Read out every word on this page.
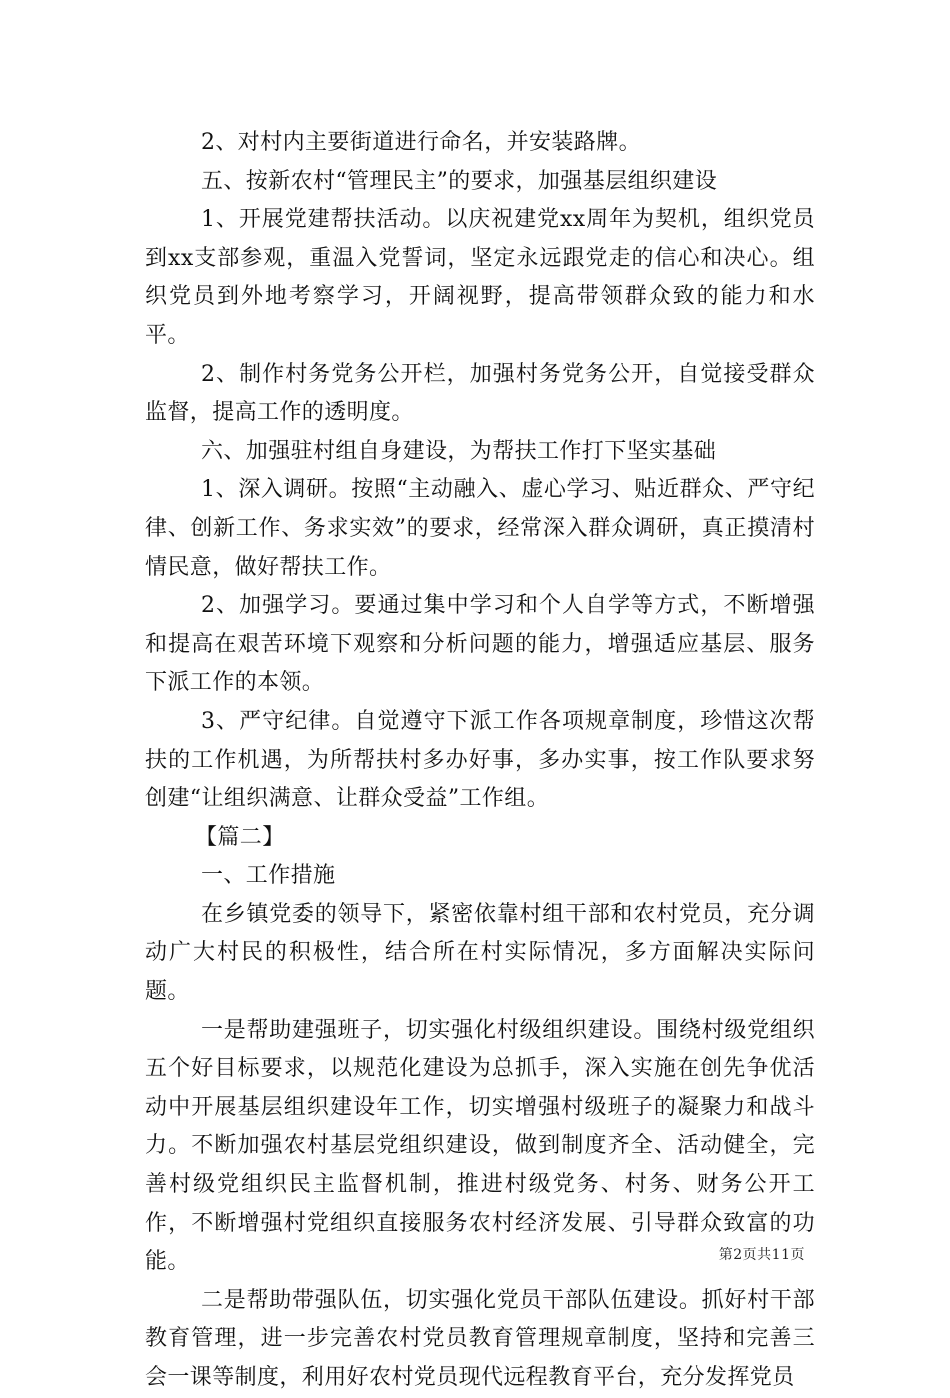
2、对村内主要街道进行命名，并安装路牌。

五、按新农村“管理民主”的要求，加强基层组织建设

1、开展党建帮扶活动。以庆祝建党xx周年为契机，组织党员到xx支部参观，重温入党誓词，坚定永远跟党走的信心和决心。组织党员到外地考察学习，开阔视野，提高带领群众致的能力和水平。

2、制作村务党务公开栏，加强村务党务公开，自觉接受群众监督，提高工作的透明度。

六、加强驻村组自身建设，为帮扶工作打下坚实基础

1、深入调研。按照“主动融入、虚心学习、贴近群众、严守纪律、创新工作、务求实效”的要求，经常深入群众调研，真正摸清村情民意，做好帮扶工作。

2、加强学习。要通过集中学习和个人自学等方式，不断增强和提高在艰苦环境下观察和分析问题的能力，增强适应基层、服务下派工作的本领。

3、严守纪律。自觉遵守下派工作各项规章制度，珍惜这次帮扶的工作机遇，为所帮扶村多办好事，多办实事，按工作队要求努创建“让组织满意、让群众受益”工作组。

【篇二】

一、工作措施

在乡镇党委的领导下，紧密依靠村组干部和农村党员，充分调动广大村民的积极性，结合所在村实际情况，多方面解决实际问题。

一是帮助建强班子，切实强化村级组织建设。围绕村级党组织五个好目标要求，以规范化建设为总抓手，深入实施在创先争优活动中开展基层组织建设年工作，切实增强村级班子的凝聚力和战斗力。不断加强农村基层党组织建设，做到制度齐全、活动健全，完善村级党组织民主监督机制，推进村级党务、村务、财务公开工作，不断增强村党组织直接服务农村经济发展、引导群众致富的功能。

二是帮助带强队伍，切实强化党员干部队伍建设。抓好村干部教育管理，进一步完善农村党员教育管理规章制度，坚持和完善三会一课等制度，利用好农村党员现代远程教育平台，充分发挥党员

第2页共11页
